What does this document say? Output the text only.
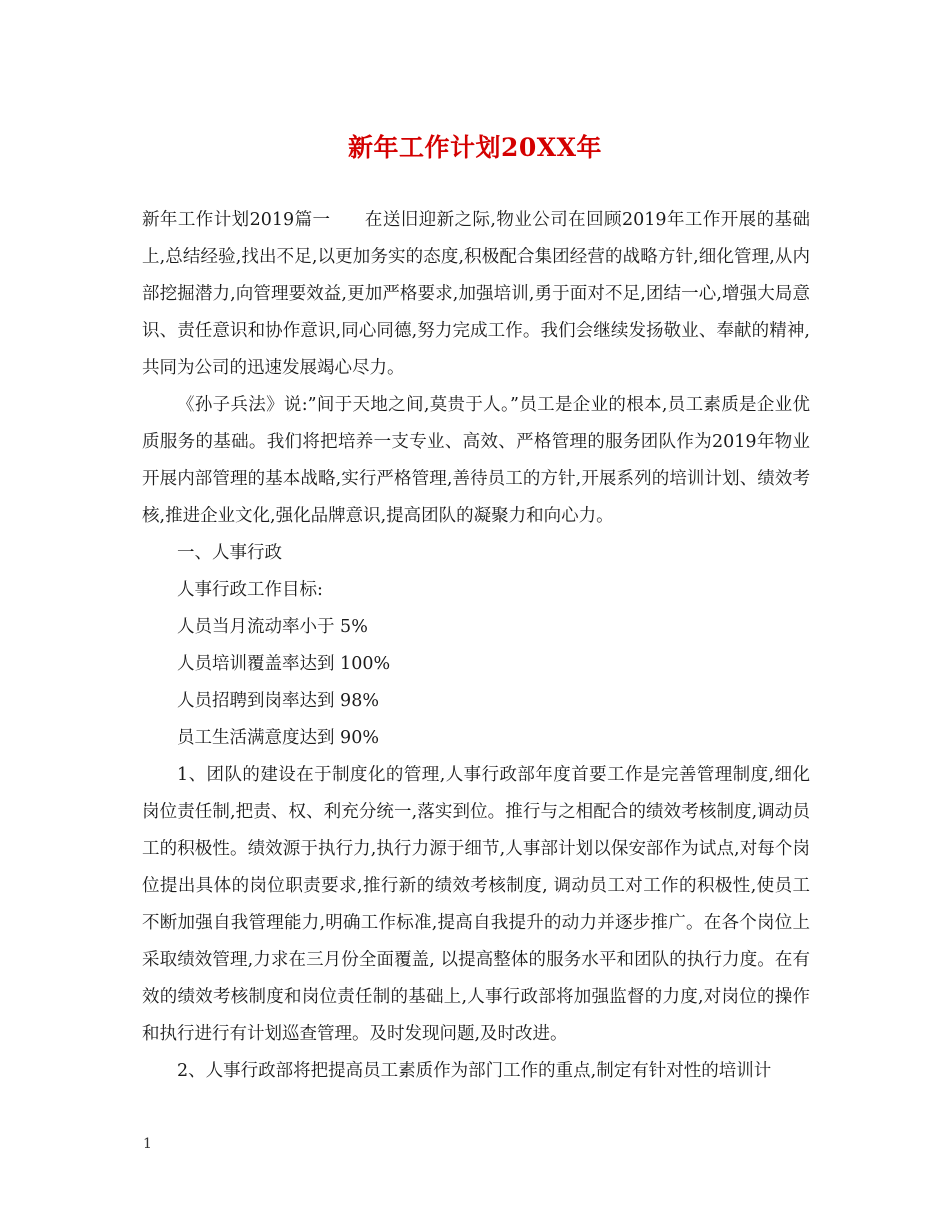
新年工作计划20XX年

新年工作计划2019篇一 在送旧迎新之际,物业公司在回顾2019年工作开展的基础上,总结经验,找出不足,以更加务实的态度,积极配合集团经营的战略方针,细化管理,从内部挖掘潜力,向管理要效益,更加严格要求,加强培训,勇于面对不足,团结一心,增强大局意识、责任意识和协作意识,同心同德,努力完成工作。我们会继续发扬敬业、奉献的精神,共同为公司的迅速发展竭心尽力。

《孙子兵法》说:”间于天地之间,莫贵于人。”员工是企业的根本,员工素质是企业优质服务的基础。我们将把培养一支专业、高效、严格管理的服务团队作为2019年物业开展内部管理的基本战略,实行严格管理,善待员工的方针,开展系列的培训计划、绩效考核,推进企业文化,强化品牌意识,提高团队的凝聚力和向心力。

一、人事行政

人事行政工作目标:

人员当月流动率小于 5%

人员培训覆盖率达到 100%

人员招聘到岗率达到 98%

员工生活满意度达到 90%

1、团队的建设在于制度化的管理,人事行政部年度首要工作是完善管理制度,细化岗位责任制,把责、权、利充分统一,落实到位。推行与之相配合的绩效考核制度,调动员工的积极性。绩效源于执行力,执行力源于细节,人事部计划以保安部作为试点,对每个岗位提出具体的岗位职责要求,推行新的绩效考核制度, 调动员工对工作的积极性,使员工不断加强自我管理能力,明确工作标准,提高自我提升的动力并逐步推广。在各个岗位上采取绩效管理,力求在三月份全面覆盖, 以提高整体的服务水平和团队的执行力度。在有效的绩效考核制度和岗位责任制的基础上,人事行政部将加强监督的力度,对岗位的操作和执行进行有计划巡查管理。及时发现问题,及时改进。

2、人事行政部将把提高员工素质作为部门工作的重点,制定有针对性的培训计

1
